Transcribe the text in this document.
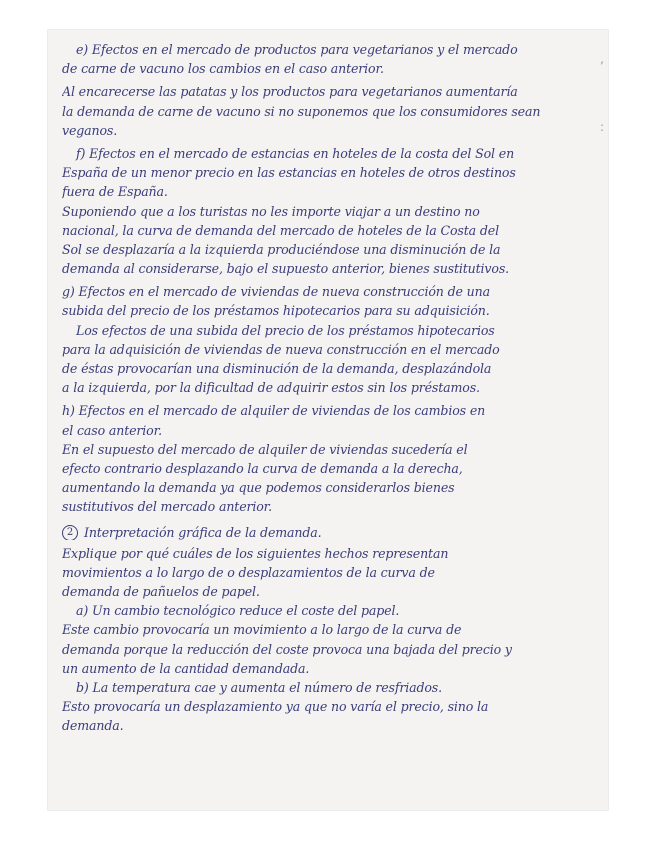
,
:
e) Efectos en el mercado de productos para vegetarianos y el mercado
de carne de vacuno los cambios en el caso anterior.
Al encarecerse las patatas y los productos para vegetarianos aumentaría
la demanda de carne de vacuno si no suponemos que los consumidores sean
veganos.
f) Efectos en el mercado de estancias en hoteles de la costa del Sol en
España de un menor precio en las estancias en hoteles de otros destinos
fuera de España.
Suponiendo que a los turistas no les importe viajar a un destino no
nacional, la curva de demanda del mercado de hoteles de la Costa del
Sol se desplazaría a la izquierda produciéndose una disminución de la
demanda al considerarse, bajo el supuesto anterior, bienes sustitutivos.
g) Efectos en el mercado de viviendas de nueva construcción de una
subida del precio de los préstamos hipotecarios para su adquisición.
Los efectos de una subida del precio de los préstamos hipotecarios
para la adquisición de viviendas de nueva construcción en el mercado
de éstas provocarían una disminución de la demanda, desplazándola
a la izquierda, por la dificultad de adquirir estos sin los préstamos.
h) Efectos en el mercado de alquiler de viviendas de los cambios en
el caso anterior.
En el supuesto del mercado de alquiler de viviendas sucedería el
efecto contrario desplazando la curva de demanda a la derecha,
aumentando la demanda ya que podemos considerarlos bienes
sustitutivos del mercado anterior.
2 Interpretación gráfica de la demanda.
Explique por qué cuáles de los siguientes hechos representan
movimientos a lo largo de o desplazamientos de la curva de
demanda de pañuelos de papel.
a) Un cambio tecnológico reduce el coste del papel.
Este cambio provocaría un movimiento a lo largo de la curva de
demanda porque la reducción del coste provoca una bajada del precio y
un aumento de la cantidad demandada.
b) La temperatura cae y aumenta el número de resfriados.
Esto provocaría un desplazamiento ya que no varía el precio, sino la
demanda.
